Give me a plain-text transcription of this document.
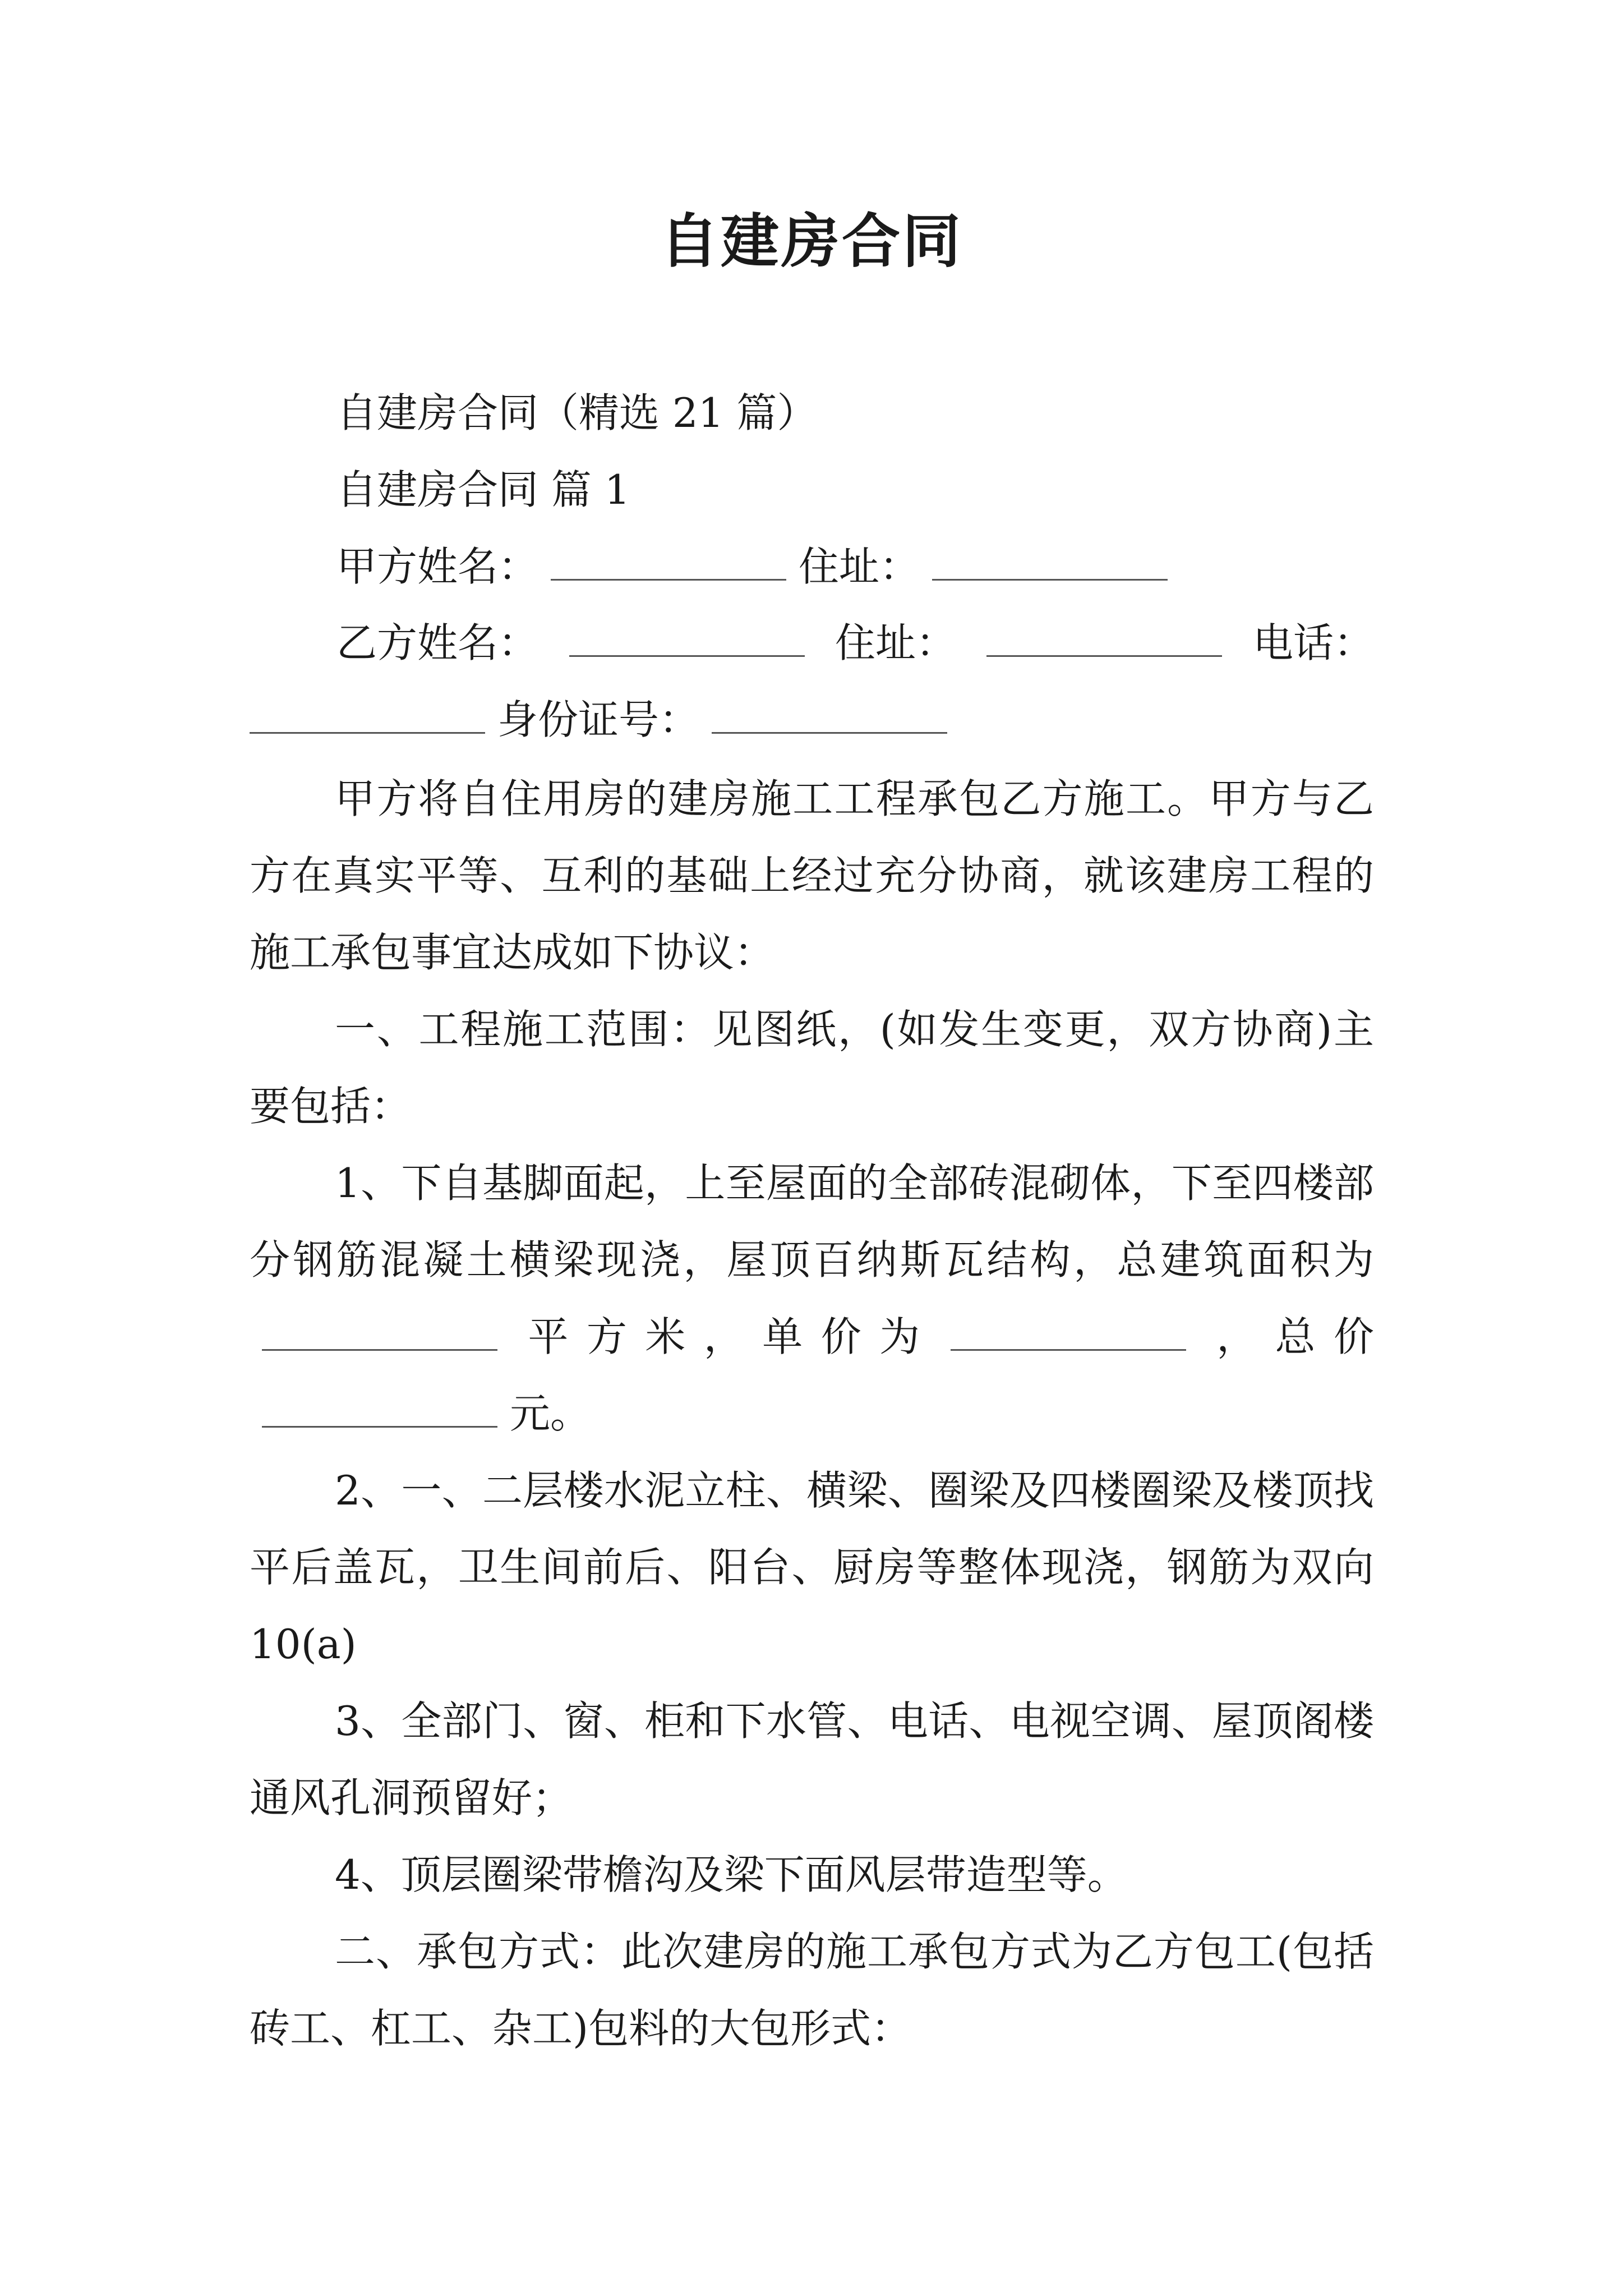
自建房合同
自建房合同（精选 21 篇）
自建房合同 篇 1
甲方姓名：	住址：
乙方姓名：	住址：	电话：
身份证号：

甲方将自住用房的建房施工工程承包乙方施工。甲方与乙方在真实平等、互利的基础上经过充分协商，就该建房工程的施工承包事宜达成如下协议：

一、工程施工范围：见图纸，(如发生变更，双方协商)主要包括：

1、下自基脚面起，上至屋面的全部砖混砌体，下至四楼部分钢筋混凝土横梁现浇，屋顶百纳斯瓦结构，总建筑面积为平方米，单价为	，总价元。

2、一、二层楼水泥立柱、横梁、圈梁及四楼圈梁及楼顶找平后盖瓦，卫生间前后、阳台、厨房等整体现浇，钢筋为双向 10(a)

3、全部门、窗、柜和下水管、电话、电视空调、屋顶阁楼通风孔洞预留好；

4、顶层圈梁带檐沟及梁下面风层带造型等。

二、承包方式：此次建房的施工承包方式为乙方包工(包括砖工、杠工、杂工)包料的大包形式：
